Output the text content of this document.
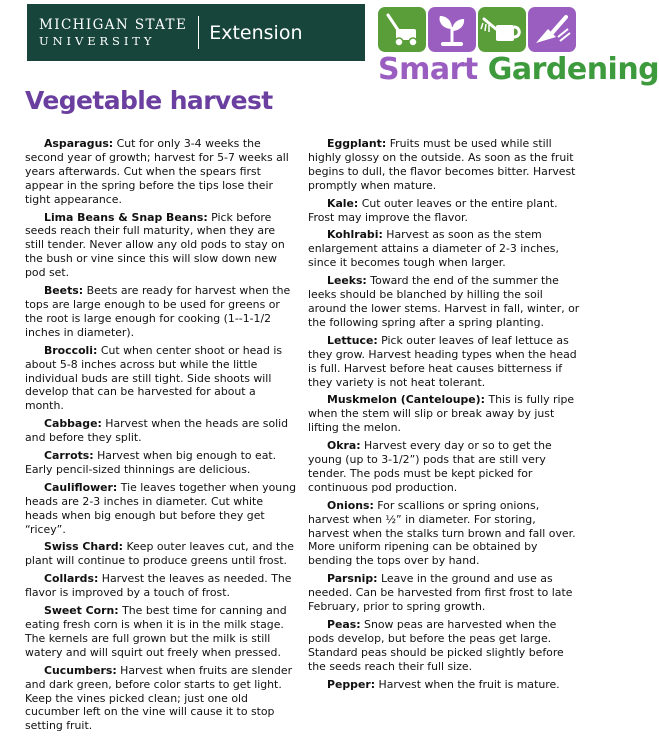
MICHIGAN STATE
UNIVERSITY	Extension
Smart Gardening
Vegetable harvest

Asparagus: Cut for only 3-4 weeks the second year of growth; harvest for 5-7 weeks all years afterwards. Cut when the spears first appear in the spring before the tips lose their tight appearance.

Lima Beans & Snap Beans: Pick before seeds reach their full maturity, when they are still tender. Never allow any old pods to stay on the bush or vine since this will slow down new pod set.

Beets: Beets are ready for harvest when the tops are large enough to be used for greens or the root is large enough for cooking (1--1-1/2 inches in diameter).

Broccoli: Cut when center shoot or head is about 5-8 inches across but while the little individual buds are still tight. Side shoots will develop that can be harvested for about a month.

Cabbage: Harvest when the heads are solid and before they split.

Carrots: Harvest when big enough to eat. Early pencil-sized thinnings are delicious.

Cauliflower: Tie leaves together when young heads are 2-3 inches in diameter. Cut white heads when big enough but before they get “ricey”.

Swiss Chard: Keep outer leaves cut, and the plant will continue to produce greens until frost.

Collards: Harvest the leaves as needed. The flavor is improved by a touch of frost.

Sweet Corn: The best time for canning and eating fresh corn is when it is in the milk stage. The kernels are full grown but the milk is still watery and will squirt out freely when pressed.

Cucumbers: Harvest when fruits are slender and dark green, before color starts to get light. Keep the vines picked clean; just one old cucumber left on the vine will cause it to stop setting fruit.

Eggplant: Fruits must be used while still highly glossy on the outside. As soon as the fruit begins to dull, the flavor becomes bitter. Harvest promptly when mature.

Kale: Cut outer leaves or the entire plant. Frost may improve the flavor.

Kohlrabi: Harvest as soon as the stem enlargement attains a diameter of 2-3 inches, since it becomes tough when larger.

Leeks: Toward the end of the summer the leeks should be blanched by hilling the soil around the lower stems. Harvest in fall, winter, or the following spring after a spring planting.

Lettuce: Pick outer leaves of leaf lettuce as they grow. Harvest heading types when the head is full. Harvest before heat causes bitterness if they variety is not heat tolerant.

Muskmelon (Canteloupe): This is fully ripe when the stem will slip or break away by just lifting the melon.

Okra: Harvest every day or so to get the young (up to 3-1/2”) pods that are still very tender. The pods must be kept picked for continuous pod production.

Onions: For scallions or spring onions, harvest when ½” in diameter. For storing, harvest when the stalks turn brown and fall over. More uniform ripening can be obtained by bending the tops over by hand.

Parsnip: Leave in the ground and use as needed. Can be harvested from first frost to late February, prior to spring growth.

Peas: Snow peas are harvested when the pods develop, but before the peas get large. Standard peas should be picked slightly before the seeds reach their full size.

Pepper: Harvest when the fruit is mature.
